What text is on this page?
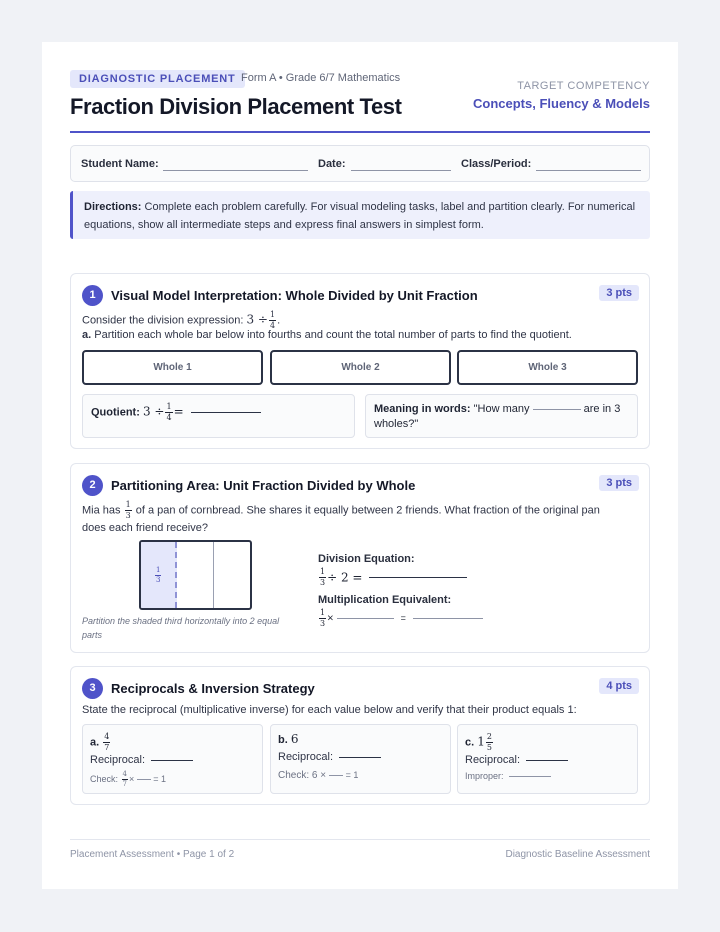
DIAGNOSTIC PLACEMENT Form A • Grade 6/7 Mathematics
Fraction Division Placement Test
TARGET COMPETENCY
Concepts, Fluency & Models
Student Name:	Date:	Class/Period:
Directions: Complete each problem carefully. For visual modeling tasks, label and partition clearly. For numerical equations, show all intermediate steps and express final answers in simplest form.
1	Visual Model Interpretation: Whole Divided by Unit Fraction	3 pts
Consider the division expression: $3 \div \frac{1}{4}$ .
a. Partition each whole bar below into fourths and count the total number of parts to find the quotient.
Whole 1	Whole 2	Whole 3
Quotient: $3 \div \frac{1}{4}$ =	Meaning in words: "How many	are in 3
wholes?"
2	Partitioning Area: Unit Fraction Divided by Whole	3 pts
Mia has $\frac{1}{3}$ of a pan of cornbread. She shares it equally between 2 friends. What fraction of the original pan
does each friend receive?
$\frac{1}{3}$
Partition the shaded third horizontally into 2 equal
parts
Division Equation:
$\frac{1}{3} \div 2$ =
Multiplication Equivalent:
$\frac{1}{3}$ ×	=
3	Reciprocals & Inversion Strategy	4 pts
State the reciprocal (multiplicative inverse) for each value below and verify that their product equals 1:
a. $\frac{4}{7}$
Reciprocal:
Check: $\frac{4}{7}$ × = 1
b. 6
Reciprocal:
Check: 6 × = 1
c. $1 \frac{2}{5}$
Reciprocal:
Improper:
Placement Assessment • Page 1 of 2	Diagnostic Baseline Assessment
